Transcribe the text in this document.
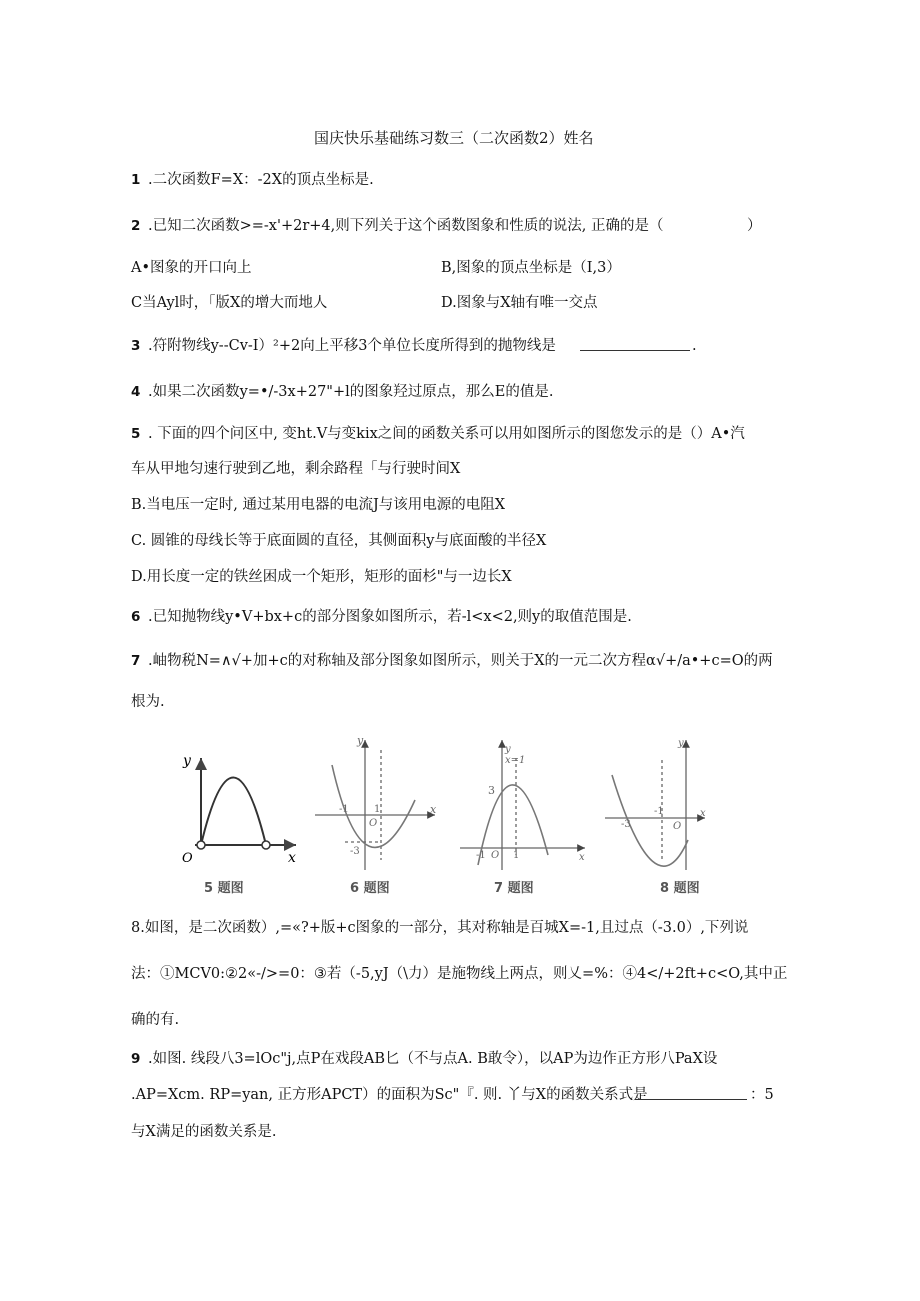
国庆快乐基础练习数三（二次函数2）姓名
1 .二次函数F=X：-2X的顶点坐标是.
2 .已知二次函数>=-x'+2r+4,则下列关于这个函数图象和性质的说法, 正确的是（	）
A•图象的开口向上	B,图象的顶点坐标是（I,3）
C当Ayl时，「版X的增大而地人	D.图象与X轴有唯一交点
3 .符附物线y--Cv-I）²+2向上平移3个单位长度所得到的抛物线是	.
4 .如果二次函数y=•/-3x+27"+l的图象羟过原点，那么E的值是.
5 . 下面的四个问区中, 变ht.V与变kix之间的函数关系可以用如图所示的图您发示的是（）A•汽
车从甲地匀速行驶到乙地，剩余路程「与行驶时间X
B.当电压一定时, 通过某用电器的电流J与该用电源的电阻X
C. 圆锥的母线长等于底面圆的直径，其侧面积y与底面酸的半径X
D.用长度一定的铁丝困成一个矩形，矩形的面杉"与一边长X
6 .已知抛物线y•V+bx+c的部分图象如图所示，若-l<x<2,则y的取值范围是.
7 .岫物税N=∧√+加+c的对称轴及部分图象如图所示，则关于X的一元二次方程α√+/a•+c=O的两
根为.
y
x
O
y
x
O
-1	1
-3
y
x=1
x
3
-1 O 1
y
x
O
-3
-1
5 题图	6 题图	7 题图	8 题图
8.如图，是二次函数）,=«?+版+c图象的一部分，其对称轴是百城X=-1,且过点（-3.0）,下列说
法：①MCV0:②2«-/>=0：③若（-5,yJ（\力）是施物线上两点，则乂=%：④4</+2ft+c<O,其中正
确的有.
9 .如图. 线段八3=lOc"j,点P在戏段AB匕（不与点A. B敢令），以AP为边作正方形八PaX设
.AP=Xcm. RP=yan, 正方形APCT）的面积为Sc"『. 则. 丫与X的函数关系式是	：5
与X满足的函数关系是.
